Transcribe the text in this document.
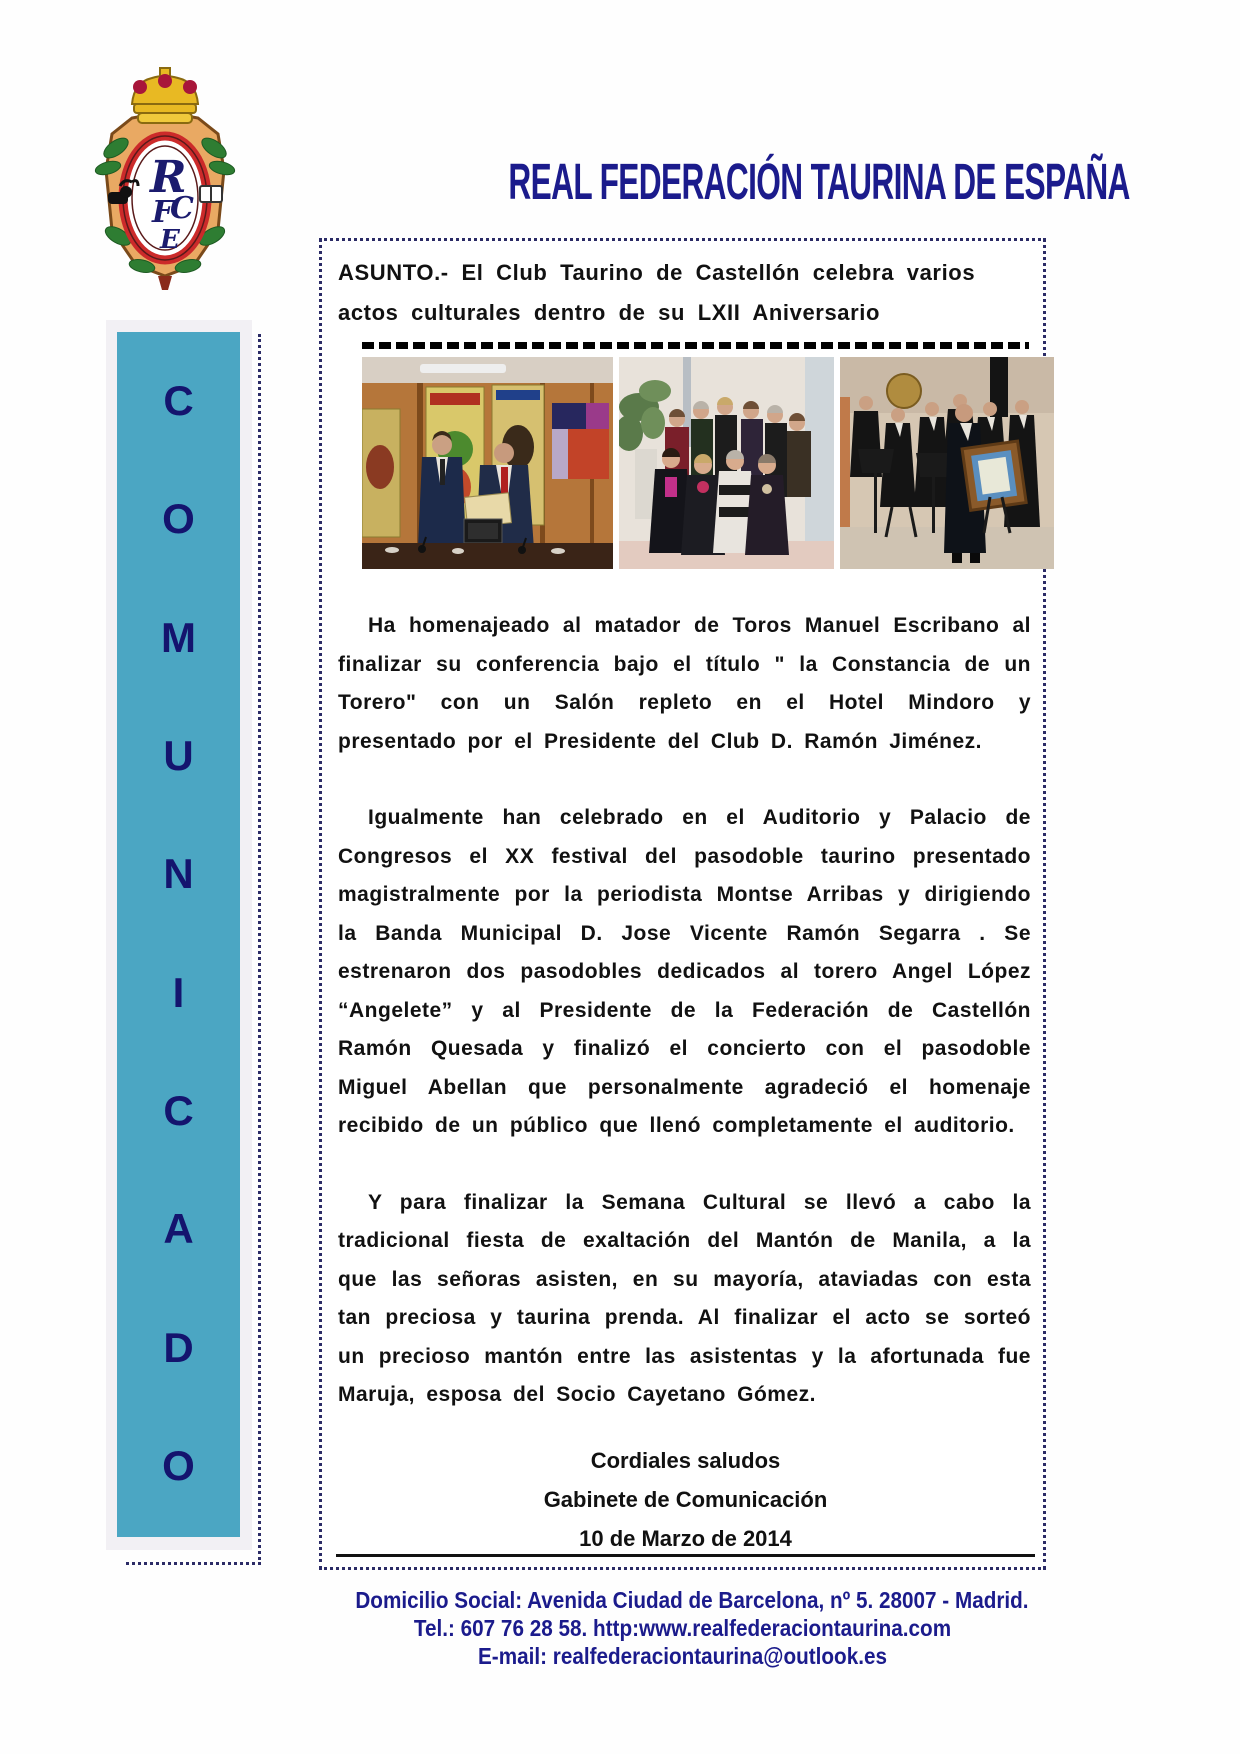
R
F
C
E
REAL FEDERACIÓN TAURINA DE ESPAÑA
C
O
M
U
N
I
C
A
D
O
ASUNTO.- El Club Taurino de Castellón celebra varios actos culturales dentro de su LXII Aniversario

Ha homenajeado al matador de Toros Manuel Escribano al finalizar su conferencia bajo el título " la Constancia de un Torero" con un Salón repleto en el Hotel Mindoro y presentado por el Presidente del Club D. Ramón Jiménez.

Igualmente han celebrado en el Auditorio y Palacio de Congresos el XX festival del pasodoble taurino presentado magistralmente por la periodista Montse Arribas y dirigiendo la Banda Municipal D. Jose Vicente Ramón Segarra . Se estrenaron dos pasodobles dedicados al torero Angel López “Angelete” y al Presidente de la Federación de Castellón Ramón Quesada y finalizó el concierto con el pasodoble Miguel Abellan que personalmente agradeció el homenaje recibido de un público que llenó completamente el auditorio.

Y para finalizar la Semana Cultural se llevó a cabo la tradicional fiesta de exaltación del Mantón de Manila, a la que las señoras asisten, en su mayoría, ataviadas con esta tan preciosa y taurina prenda. Al finalizar el acto se sorteó un precioso mantón entre las asistentas y la afortunada fue Maruja, esposa del Socio Cayetano Gómez.

Cordiales saludos
Gabinete de Comunicación
10 de Marzo de 2014
Domicilio Social: Avenida Ciudad de Barcelona, nº 5. 28007 - Madrid.
Tel.: 607 76 28 58. http:www.realfederaciontaurina.com
E-mail: realfederaciontaurina@outlook.es
